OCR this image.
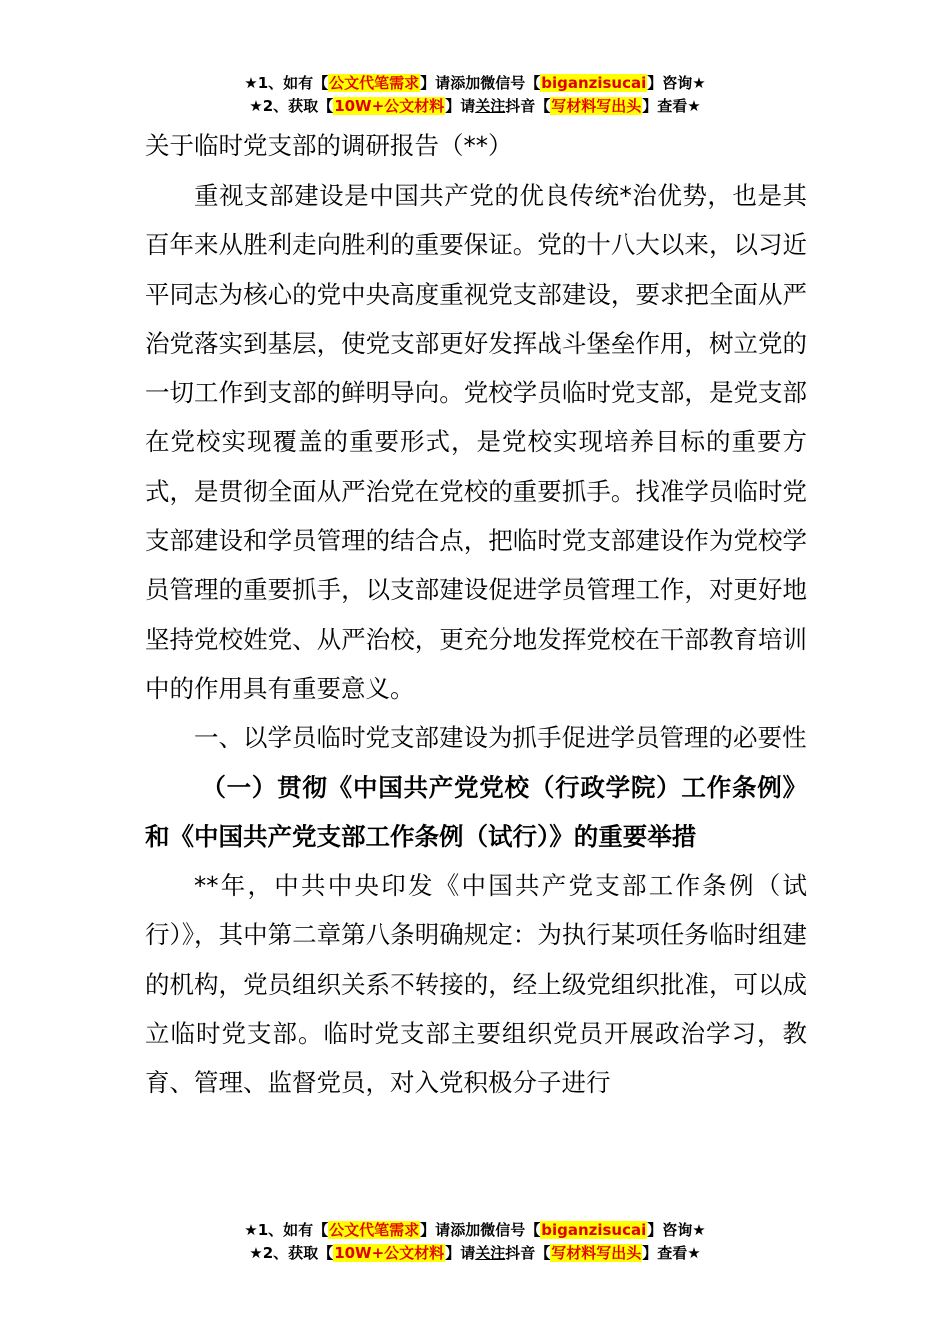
★1、如有【公文代笔需求】请添加微信号【biganzisucai】咨询★
★2、获取【10W+公文材料】请关注抖音【写材料写出头】查看★
关于临时党支部的调研报告（**）

重视支部建设是中国共产党的优良传统*治优势，也是其百年来从胜利走向胜利的重要保证。党的十八大以来，以习近平同志为核心的党中央高度重视党支部建设，要求把全面从严治党落实到基层，使党支部更好发挥战斗堡垒作用，树立党的一切工作到支部的鲜明导向。党校学员临时党支部，是党支部在党校实现覆盖的重要形式，是党校实现培养目标的重要方式，是贯彻全面从严治党在党校的重要抓手。找准学员临时党支部建设和学员管理的结合点，把临时党支部建设作为党校学员管理的重要抓手，以支部建设促进学员管理工作，对更好地坚持党校姓党、从严治校，更充分地发挥党校在干部教育培训中的作用具有重要意义。

一、以学员临时党支部建设为抓手促进学员管理的必要性

（一）贯彻《中国共产党党校（行政学院）工作条例》和《中国共产党支部工作条例（试行）》的重要举措

**年，中共中央印发《中国共产党支部工作条例（试行）》，其中第二章第八条明确规定：为执行某项任务临时组建的机构，党员组织关系不转接的，经上级党组织批准，可以成立临时党支部。临时党支部主要组织党员开展政治学习，教育、管理、监督党员，对入党积极分子进行

★1、如有【公文代笔需求】请添加微信号【biganzisucai】咨询★
★2、获取【10W+公文材料】请关注抖音【写材料写出头】查看★
